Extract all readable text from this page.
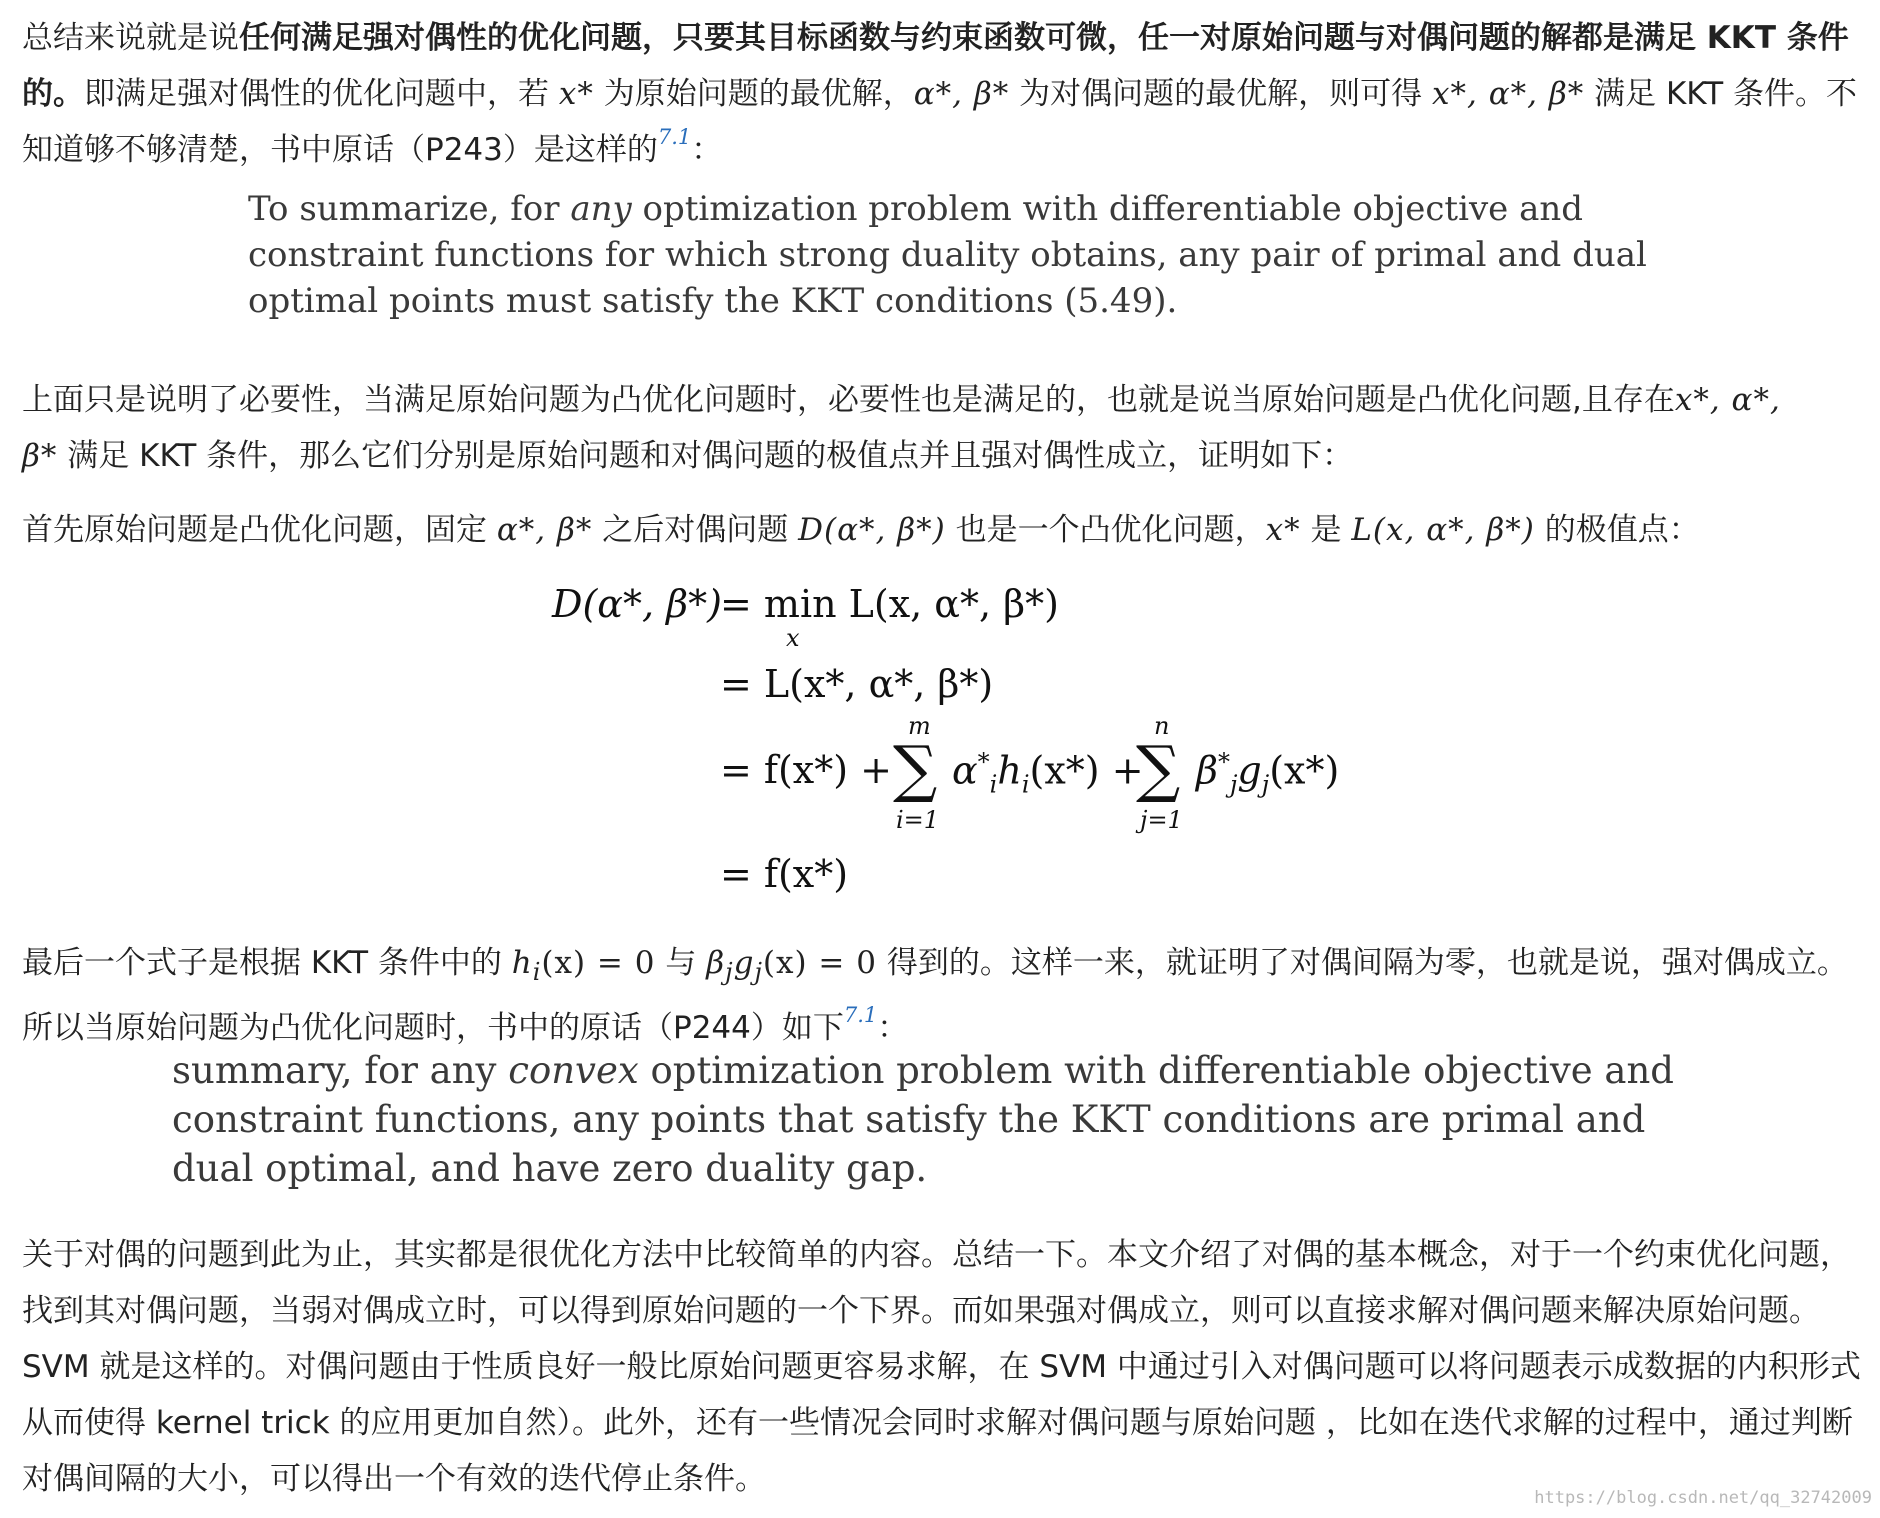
总结来说就是说任何满足强对偶性的优化问题，只要其目标函数与约束函数可微，任一对原始问题与对偶问题的解都是满足 KKT 条件的。即满足强对偶性的优化问题中，若 x* 为原始问题的最优解，α*, β* 为对偶问题的最优解，则可得 x*, α*, β* 满足 KKT 条件。不知道够不够清楚，书中原话（P243）是这样的$^{7.1}$：

To summarize, for any optimization problem with differentiable objective and constraint functions for which strong duality obtains, any pair of primal and dual optimal points must satisfy the KKT conditions (5.49).

上面只是说明了必要性，当满足原始问题为凸优化问题时，必要性也是满足的，也就是说当原始问题是凸优化问题,且存在x*, α*, β* 满足 KKT 条件，那么它们分别是原始问题和对偶问题的极值点并且强对偶性成立，证明如下：

首先原始问题是凸优化问题，固定 α*, β* 之后对偶问题 D(α*, β*) 也是一个凸优化问题，x* 是 L(x, α*, β*) 的极值点：

D(α*, β*)
= min L(x, α*, β*)
x
= L(x*, α*, β*)
= f(x*) +
m
∑
i=1
$\alpha^*_ih_i(x*)$ +
n
∑
j=1
$\beta^*_jg_j(x*)$
= f(x*)

最后一个式子是根据 KKT 条件中的 $h_i(x) = 0$ 与 $\beta_jg_j(x) = 0$ 得到的。这样一来，就证明了对偶间隔为零，也就是说，强对偶成立。 所以当原始问题为凸优化问题时，书中的原话（P244）如下$^{7.1}$：

summary, for any convex optimization problem with differentiable objective and constraint functions, any points that satisfy the KKT conditions are primal and dual optimal, and have zero duality gap.

关于对偶的问题到此为止，其实都是很优化方法中比较简单的内容。总结一下。本文介绍了对偶的基本概念，对于一个约束优化问题，找到其对偶问题，当弱对偶成立时，可以得到原始问题的一个下界。而如果强对偶成立，则可以直接求解对偶问题来解决原始问题。 SVM 就是这样的。对偶问题由于性质良好一般比原始问题更容易求解，在 SVM 中通过引入对偶问题可以将问题表示成数据的内积形式从而使得 kernel trick 的应用更加自然）。此外，还有一些情况会同时求解对偶问题与原始问题 ，比如在迭代求解的过程中，通过判断对偶间隔的大小，可以得出一个有效的迭代停止条件。

https://blog.csdn.net/qq_32742009
